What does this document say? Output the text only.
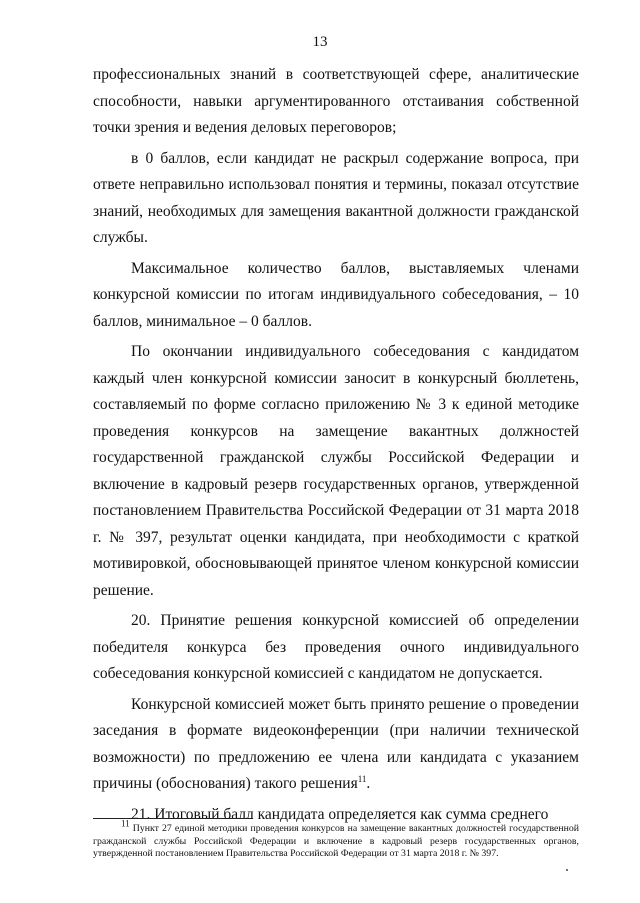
13

профессиональных знаний в соответствующей сфере, аналитические способности, навыки аргументированного отстаивания собственной точки зрения и ведения деловых переговоров;

в 0 баллов, если кандидат не раскрыл содержание вопроса, при ответе неправильно использовал понятия и термины, показал отсутствие знаний, необходимых для замещения вакантной должности гражданской службы.

Максимальное количество баллов, выставляемых членами конкурсной комиссии по итогам индивидуального собеседования, – 10 баллов, минимальное – 0 баллов.

По окончании индивидуального собеседования с кандидатом каждый член конкурсной комиссии заносит в конкурсный бюллетень, составляемый по форме согласно приложению № 3 к единой методике проведения конкурсов на замещение вакантных должностей государственной гражданской службы Российской Федерации и включение в кадровый резерв государственных органов, утвержденной постановлением Правительства Российской Федерации от 31 марта 2018 г. № 397, результат оценки кандидата, при необходимости с краткой мотивировкой, обосновывающей принятое членом конкурсной комиссии решение.

20. Принятие решения конкурсной комиссией об определении победителя конкурса без проведения очного индивидуального собеседования конкурсной комиссией с кандидатом не допускается.

Конкурсной комиссией может быть принято решение о проведении заседания в формате видеоконференции (при наличии технической возможности) по предложению ее члена или кандидата с указанием причины (обоснования) такого решения$^{11}$.

21. Итоговый балл кандидата определяется как сумма среднего

$^{11}$ Пункт 27 единой методики проведения конкурсов на замещение вакантных должностей государственной гражданской службы Российской Федерации и включение в кадровый резерв государственных органов, утвержденной постановлением Правительства Российской Федерации от 31 марта 2018 г. № 397.
